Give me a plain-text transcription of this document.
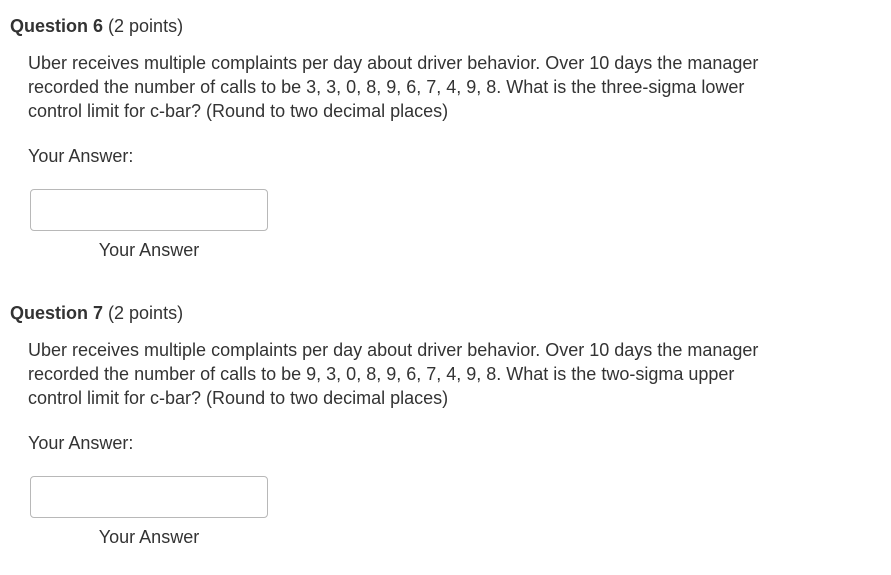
Question 6 (2 points)
Uber receives multiple complaints per day about driver behavior. Over 10 days the manager recorded the number of calls to be 3, 3, 0, 8, 9, 6, 7, 4, 9, 8. What is the three-sigma lower control limit for c-bar? (Round to two decimal places)
Your Answer:
Your Answer
Question 7 (2 points)
Uber receives multiple complaints per day about driver behavior. Over 10 days the manager recorded the number of calls to be 9, 3, 0, 8, 9, 6, 7, 4, 9, 8. What is the two-sigma upper control limit for c-bar? (Round to two decimal places)
Your Answer:
Your Answer
